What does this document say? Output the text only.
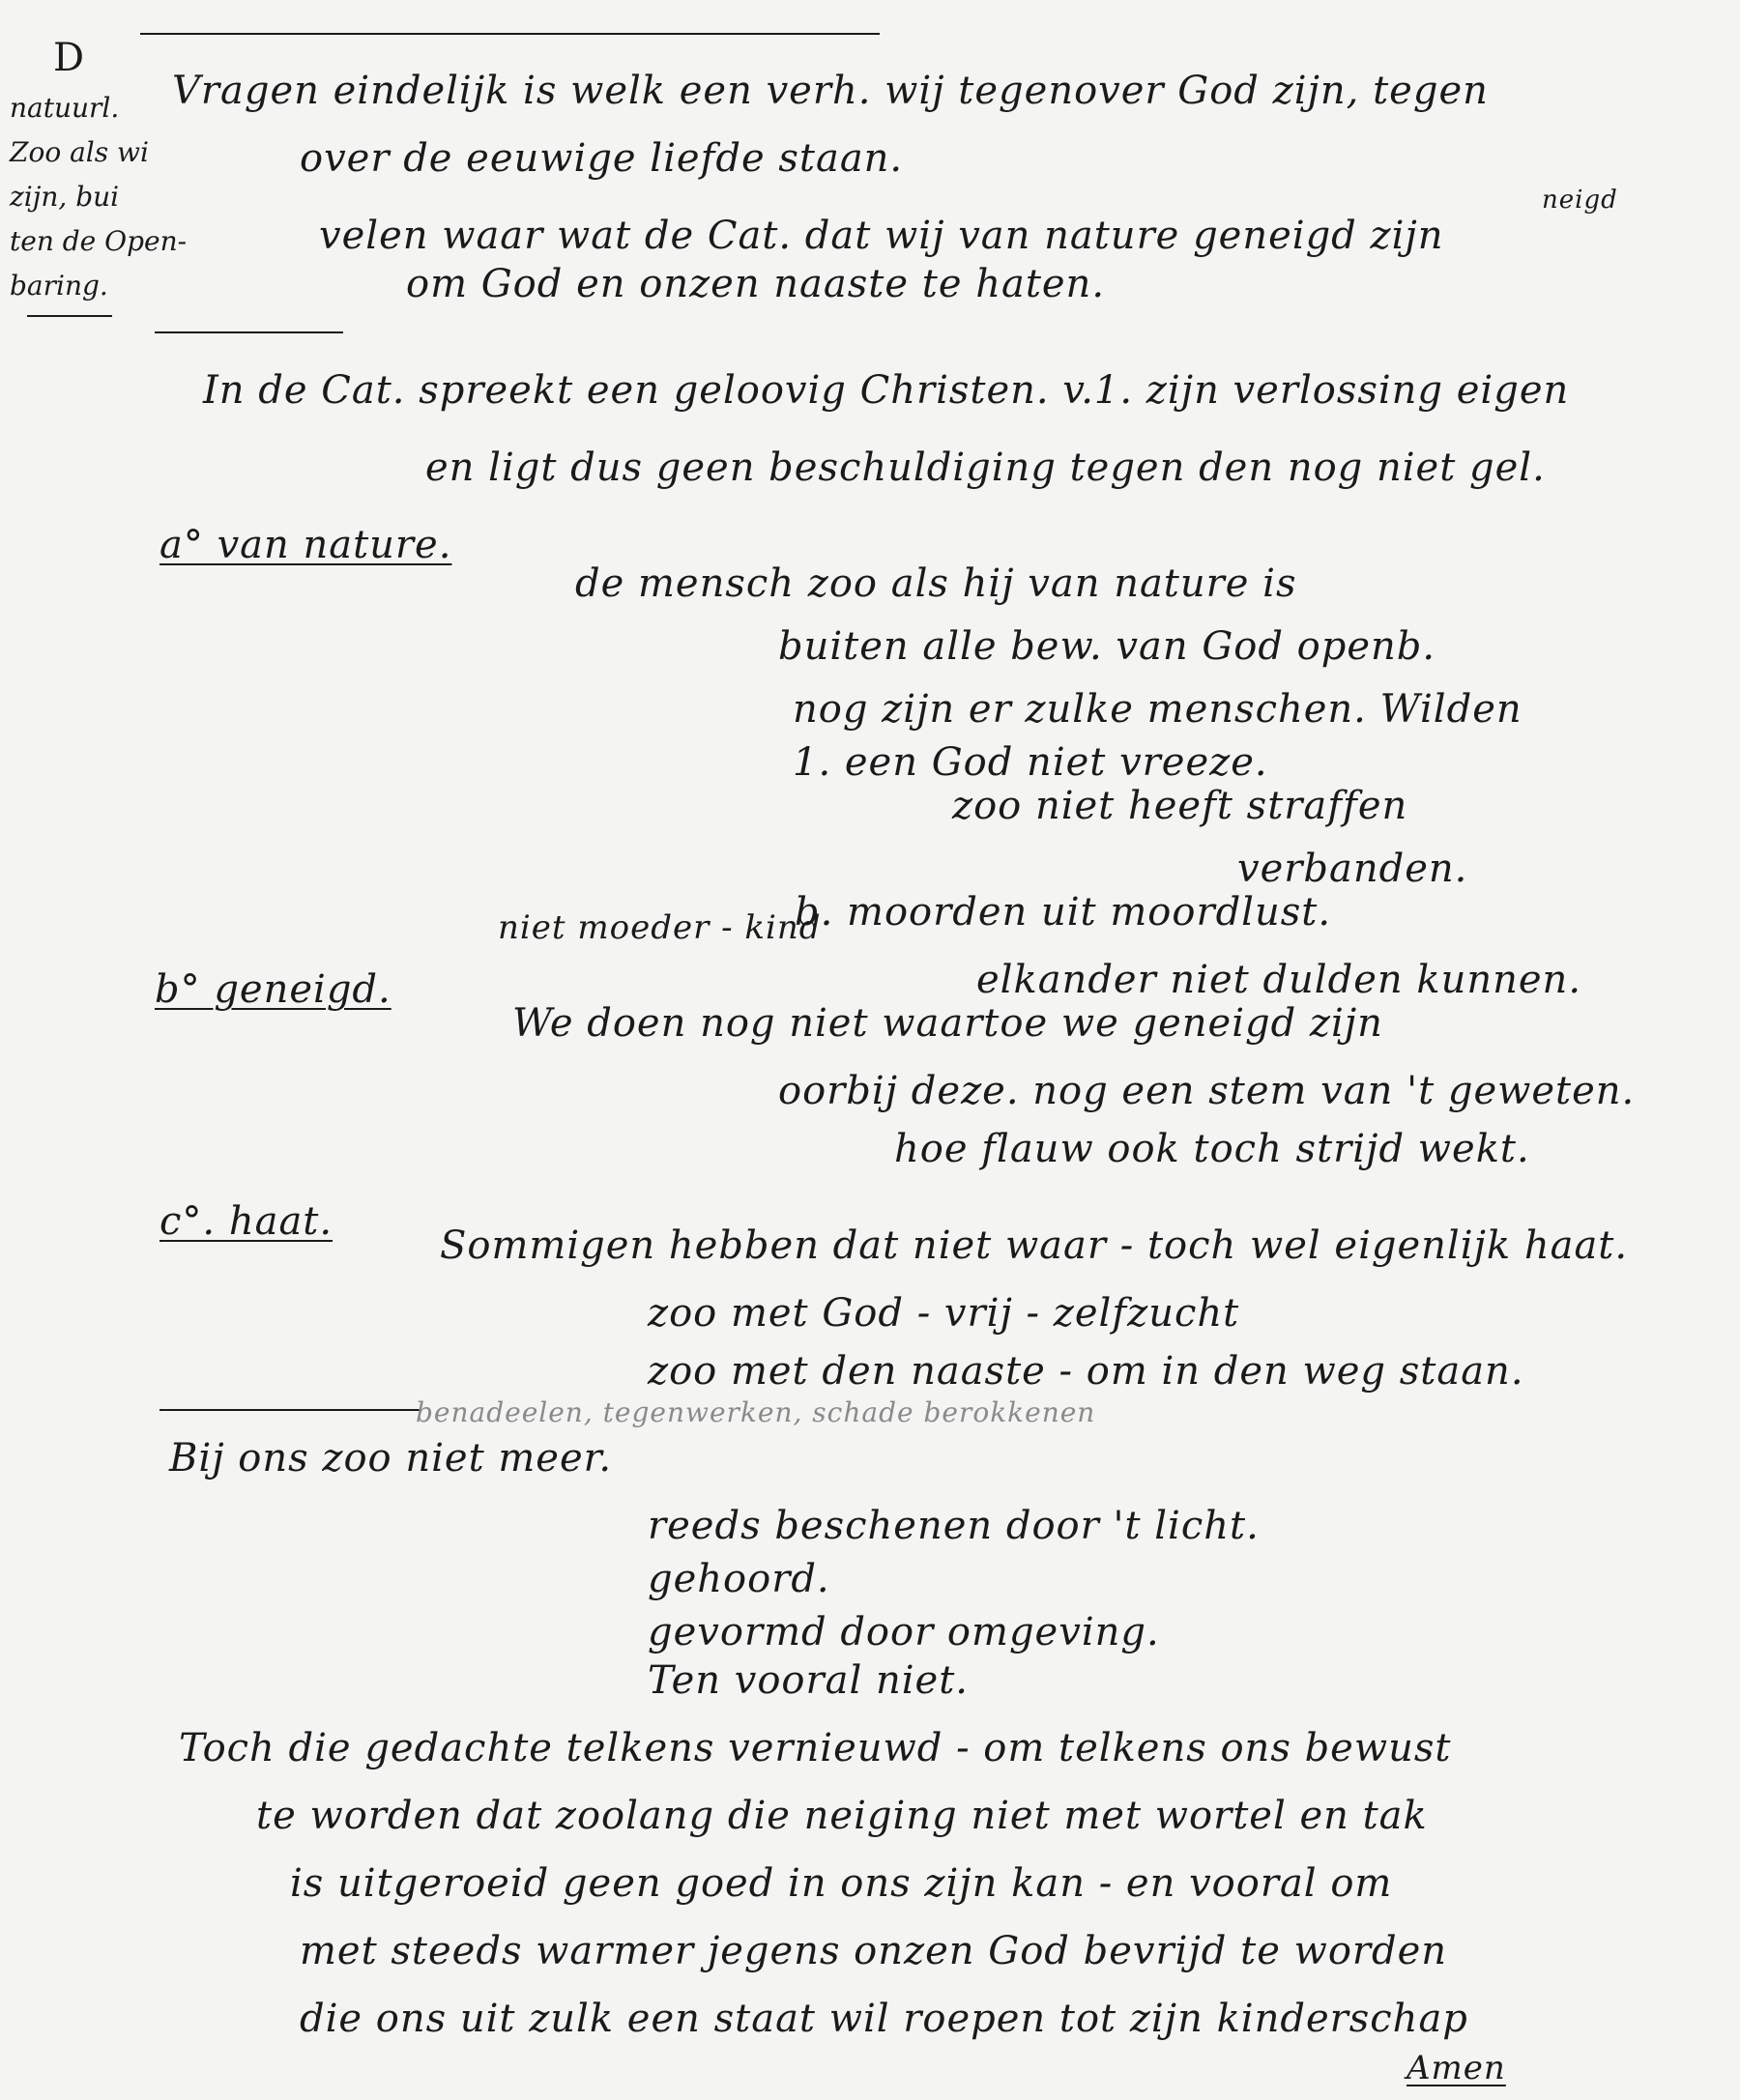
D
natuurl.
Zoo als wi
zijn, bui
ten de Open-
baring.
Vragen eindelijk is welk een verh. wij tegenover God zijn, tegen
over de eeuwige liefde staan.
neigd
velen waar wat de Cat. dat wij van nature geneigd zijn
om God en onzen naaste te haten.
In de Cat. spreekt een geloovig Christen. v.1. zijn verlossing eigen
en ligt dus geen beschuldiging tegen den nog niet gel.
a° van nature.
de mensch zoo als hij van nature is
buiten alle bew. van God openb.
nog zijn er zulke menschen. Wilden
1. een God niet vreeze.
zoo niet heeft straffen
verbanden.
b. moorden uit moordlust.
niet moeder - kind
elkander niet dulden kunnen.
b° geneigd.
We doen nog niet waartoe we geneigd zijn
oorbij deze. nog een stem van 't geweten.
hoe flauw ook toch strijd wekt.
c°. haat.
Sommigen hebben dat niet waar - toch wel eigenlijk haat.
zoo met God - vrij - zelfzucht
zoo met den naaste - om in den weg staan.
benadeelen, tegenwerken, schade berokkenen
Bij ons zoo niet meer.
reeds beschenen door 't licht.
gehoord.
gevormd door omgeving.
Ten vooral niet.
Toch die gedachte telkens vernieuwd - om telkens ons bewust
te worden dat zoolang die neiging niet met wortel en tak
is uitgeroeid geen goed in ons zijn kan - en vooral om
met steeds warmer jegens onzen God bevrijd te worden
die ons uit zulk een staat wil roepen tot zijn kinderschap
Amen
